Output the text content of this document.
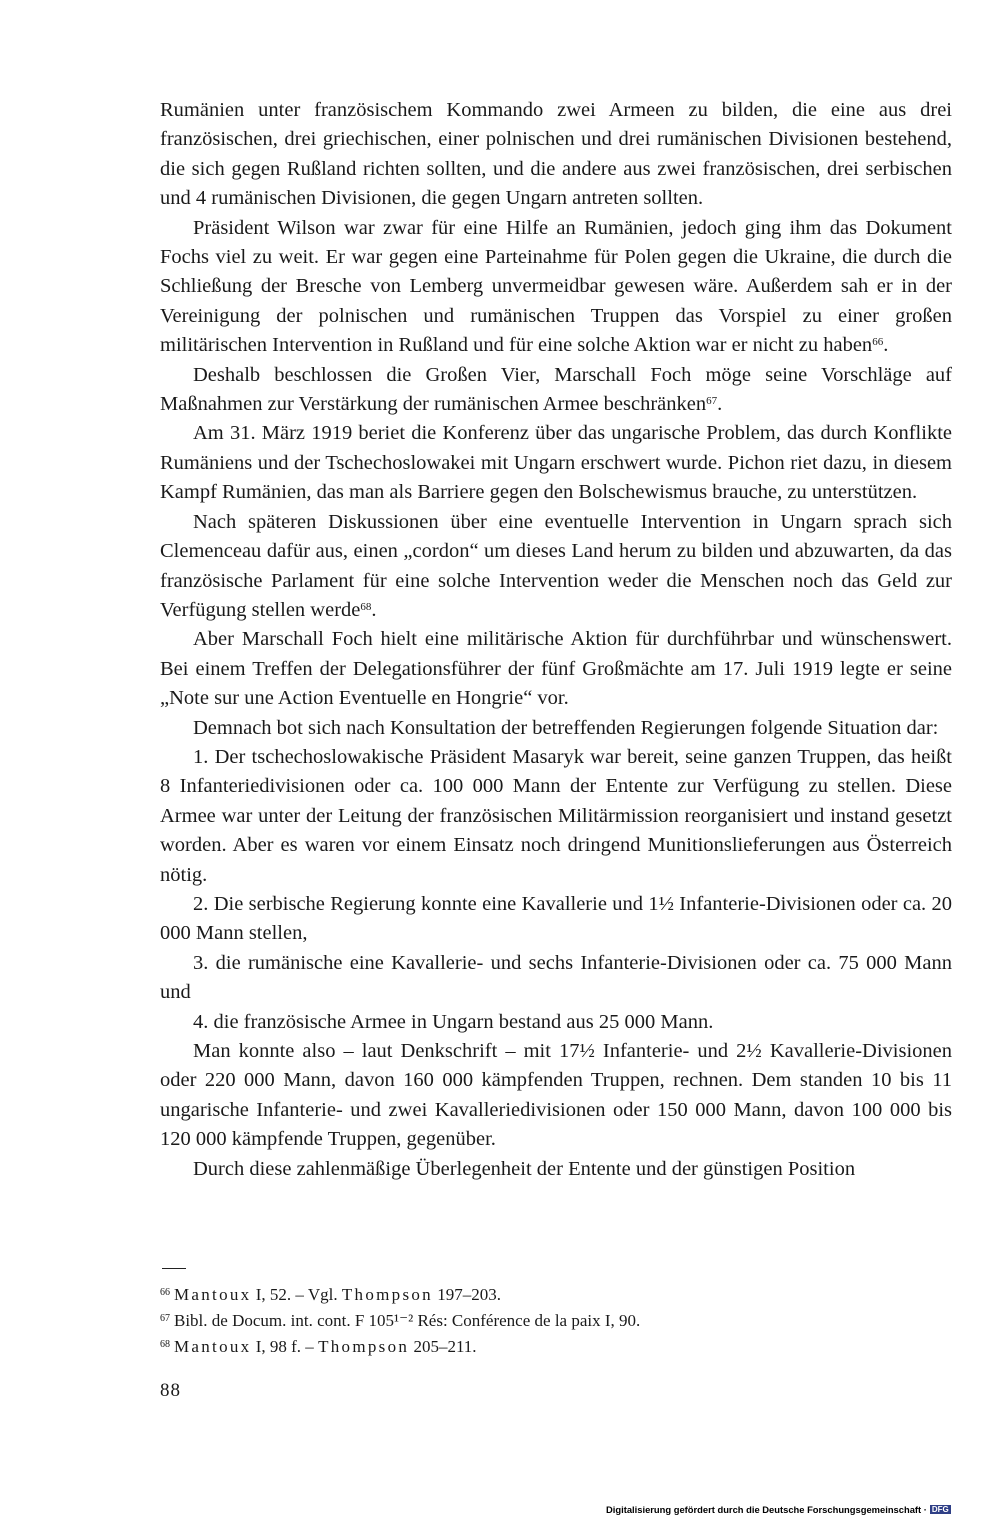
Rumänien unter französischem Kommando zwei Armeen zu bilden, die eine aus drei französischen, drei griechischen, einer polnischen und drei rumänischen Divisionen bestehend, die sich gegen Rußland richten sollten, und die andere aus zwei französischen, drei serbischen und 4 rumänischen Divisionen, die gegen Ungarn antreten sollten.

Präsident Wilson war zwar für eine Hilfe an Rumänien, jedoch ging ihm das Dokument Fochs viel zu weit. Er war gegen eine Parteinahme für Polen gegen die Ukraine, die durch die Schließung der Bresche von Lemberg unvermeidbar gewesen wäre. Außerdem sah er in der Vereinigung der polnischen und rumänischen Truppen das Vorspiel zu einer großen militärischen Intervention in Rußland und für eine solche Aktion war er nicht zu haben$^{66}$.

Deshalb beschlossen die Großen Vier, Marschall Foch möge seine Vorschläge auf Maßnahmen zur Verstärkung der rumänischen Armee beschränken$^{67}$.

Am 31. März 1919 beriet die Konferenz über das ungarische Problem, das durch Konflikte Rumäniens und der Tschechoslowakei mit Ungarn erschwert wurde. Pichon riet dazu, in diesem Kampf Rumänien, das man als Barriere gegen den Bolschewismus brauche, zu unterstützen.

Nach späteren Diskussionen über eine eventuelle Intervention in Ungarn sprach sich Clemenceau dafür aus, einen „cordon“ um dieses Land herum zu bilden und abzuwarten, da das französische Parlament für eine solche Intervention weder die Menschen noch das Geld zur Verfügung stellen werde$^{68}$.

Aber Marschall Foch hielt eine militärische Aktion für durchführbar und wünschenswert. Bei einem Treffen der Delegationsführer der fünf Großmächte am 17. Juli 1919 legte er seine „Note sur une Action Eventuelle en Hongrie“ vor.

Demnach bot sich nach Konsultation der betreffenden Regierungen folgende Situation dar:

1. Der tschechoslowakische Präsident Masaryk war bereit, seine ganzen Truppen, das heißt 8 Infanteriedivisionen oder ca. 100 000 Mann der Entente zur Verfügung zu stellen. Diese Armee war unter der Leitung der französischen Militärmission reorganisiert und instand gesetzt worden. Aber es waren vor einem Einsatz noch dringend Munitionslieferungen aus Österreich nötig.

2. Die serbische Regierung konnte eine Kavallerie und 1½ Infanterie-Divisionen oder ca. 20 000 Mann stellen,

3. die rumänische eine Kavallerie- und sechs Infanterie-Divisionen oder ca. 75 000 Mann und

4. die französische Armee in Ungarn bestand aus 25 000 Mann.

Man konnte also – laut Denkschrift – mit 17½ Infanterie- und 2½ Kavallerie-Divisionen oder 220 000 Mann, davon 160 000 kämpfenden Truppen, rechnen. Dem standen 10 bis 11 ungarische Infanterie- und zwei Kavalleriedivisionen oder 150 000 Mann, davon 100 000 bis 120 000 kämpfende Truppen, gegenüber.

Durch diese zahlenmäßige Überlegenheit der Entente und der günstigen Position

$^{66}$ Mantoux I, 52. – Vgl. Thompson 197–203.

$^{67}$ Bibl. de Docum. int. cont. F 105¹⁻² Rés: Conférence de la paix I, 90.

$^{68}$ Mantoux I, 98 f. – Thompson 205–211.

88
Digitalisierung gefördert durch die Deutsche Forschungsgemeinschaft · DFG
